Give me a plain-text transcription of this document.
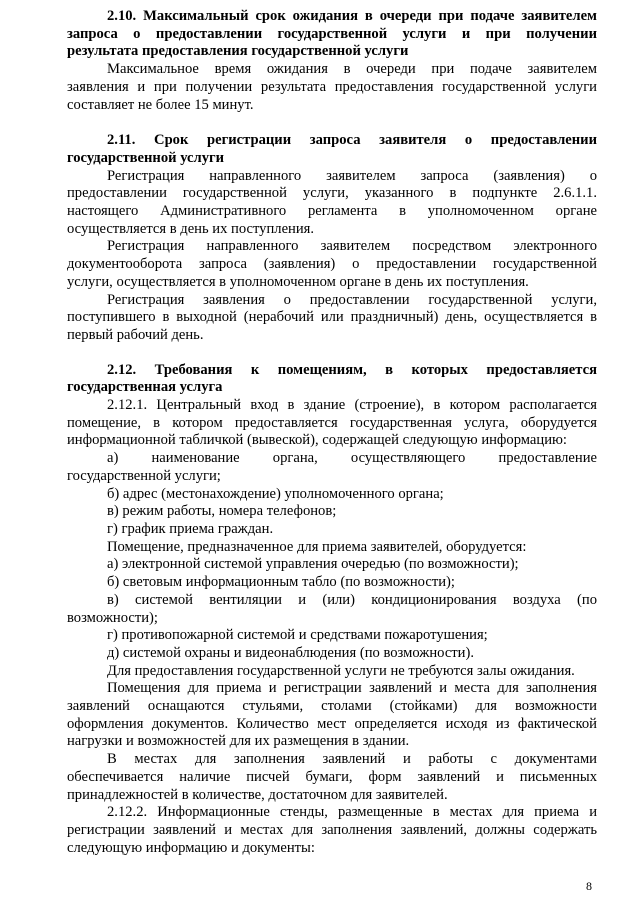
2.10. Максимальный срок ожидания в очереди при подаче заявителем

запроса о предоставлении государственной услуги и при получении

результата предоставления государственной услуги

Максимальное время ожидания в очереди при подаче заявителем

заявления и при получении результата предоставления государственной услуги

составляет не более 15 минут.

2.11. Срок регистрации запроса заявителя о предоставлении

государственной услуги

Регистрация направленного заявителем запроса (заявления) о

предоставлении государственной услуги, указанного в подпункте 2.6.1.1.

настоящего Административного регламента в уполномоченном органе

осуществляется в день их поступления.

Регистрация направленного заявителем посредством электронного

документооборота запроса (заявления) о предоставлении государственной

услуги, осуществляется в уполномоченном органе в день их поступления.

Регистрация заявления о предоставлении государственной услуги,

поступившего в выходной (нерабочий или праздничный) день, осуществляется в

первый рабочий день.

2.12. Требования к помещениям, в которых предоставляется

государственная услуга

2.12.1. Центральный вход в здание (строение), в котором располагается

помещение, в котором предоставляется государственная услуга, оборудуется

информационной табличкой (вывеской), содержащей следующую информацию:

а) наименование органа, осуществляющего предоставление

государственной услуги;

б) адрес (местонахождение) уполномоченного органа;

в) режим работы, номера телефонов;

г) график приема граждан.

Помещение, предназначенное для приема заявителей, оборудуется:

а) электронной системой управления очередью (по возможности);

б) световым информационным табло (по возможности);

в) системой вентиляции и (или) кондиционирования воздуха (по

возможности);

г) противопожарной системой и средствами пожаротушения;

д) системой охраны и видеонаблюдения (по возможности).

Для предоставления государственной услуги не требуются залы ожидания.

Помещения для приема и регистрации заявлений и места для заполнения

заявлений оснащаются стульями, столами (стойками) для возможности

оформления документов. Количество мест определяется исходя из фактической

нагрузки и возможностей для их размещения в здании.

В местах для заполнения заявлений и работы с документами

обеспечивается наличие писчей бумаги, форм заявлений и письменных

принадлежностей в количестве, достаточном для заявителей.

2.12.2. Информационные стенды, размещенные в местах для приема и

регистрации заявлений и местах для заполнения заявлений, должны содержать

следующую информацию и документы:

8
